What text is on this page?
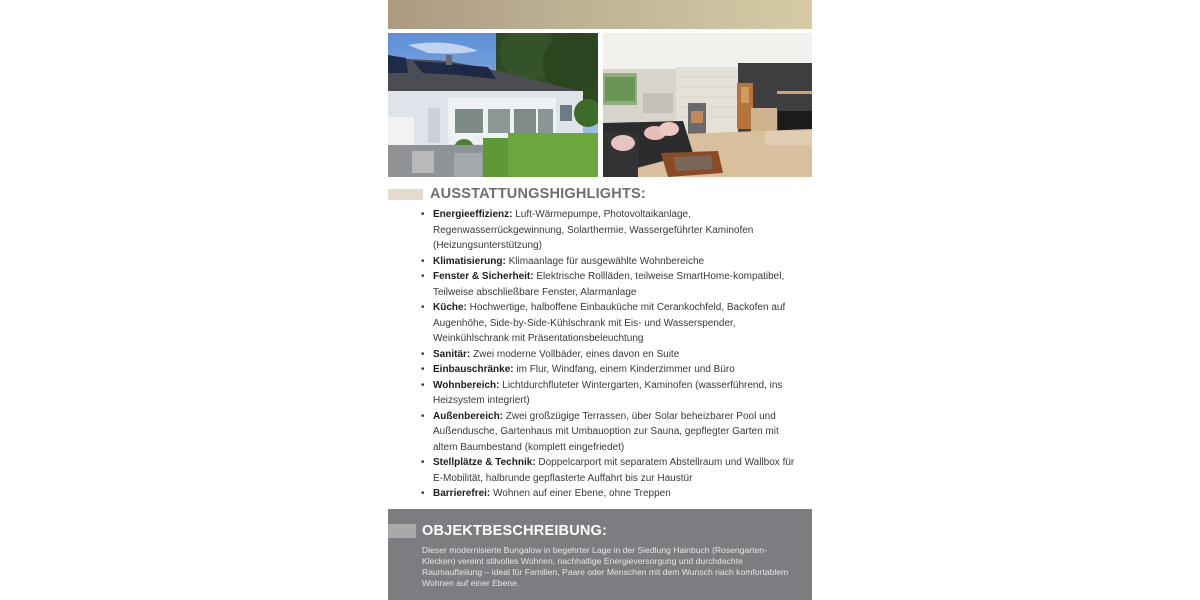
AUSSTATTUNGSHIGHLIGHTS:
• Energieeffizienz: Luft-Wärmepumpe, Photovoltaikanlage, Regenwasserrückgewinnung, Solarthermie, Wassergeführter Kaminofen (Heizungsunterstützung)
• Klimatisierung: Klimaanlage für ausgewählte Wohnbereiche
• Fenster & Sicherheit: Elektrische Rollläden, teilweise SmartHome-kompatibel, Teilweise abschließbare Fenster, Alarmanlage
• Küche: Hochwertige, halboffene Einbauküche mit Cerankochfeld, Backofen auf Augenhöhe, Side-by-Side-Kühlschrank mit Eis- und Wasserspender, Weinkühlschrank mit Präsentationsbeleuchtung
• Sanitär: Zwei moderne Vollbäder, eines davon en Suite
• Einbauschränke: im Flur, Windfang, einem Kinderzimmer und Büro
• Wohnbereich: Lichtdurchfluteter Wintergarten, Kaminofen (wasserführend, ins Heizsystem integriert)
• Außenbereich: Zwei großzügige Terrassen, über Solar beheizbarer Pool und Außendusche, Gartenhaus mit Umbauoption zur Sauna, gepflegter Garten mit altem Baumbestand (komplett eingefriedet)
• Stellplätze & Technik: Doppelcarport mit separatem Abstellraum und Wallbox für E-Mobilität, halbrunde gepflasterte Auffahrt bis zur Haustür
• Barrierefrei: Wohnen auf einer Ebene, ohne Treppen
OBJEKTBESCHREIBUNG:

Dieser modernisierte Bungalow in begehrter Lage in der Siedlung Hainbuch (Rosengarten-Klecken) vereint stilvolles Wohnen, nachhaltige Energieversorgung und durchdachte Raumaufteilung – ideal für Familien, Paare oder Menschen mit dem Wunsch nach komfortablem Wohnen auf einer Ebene.
